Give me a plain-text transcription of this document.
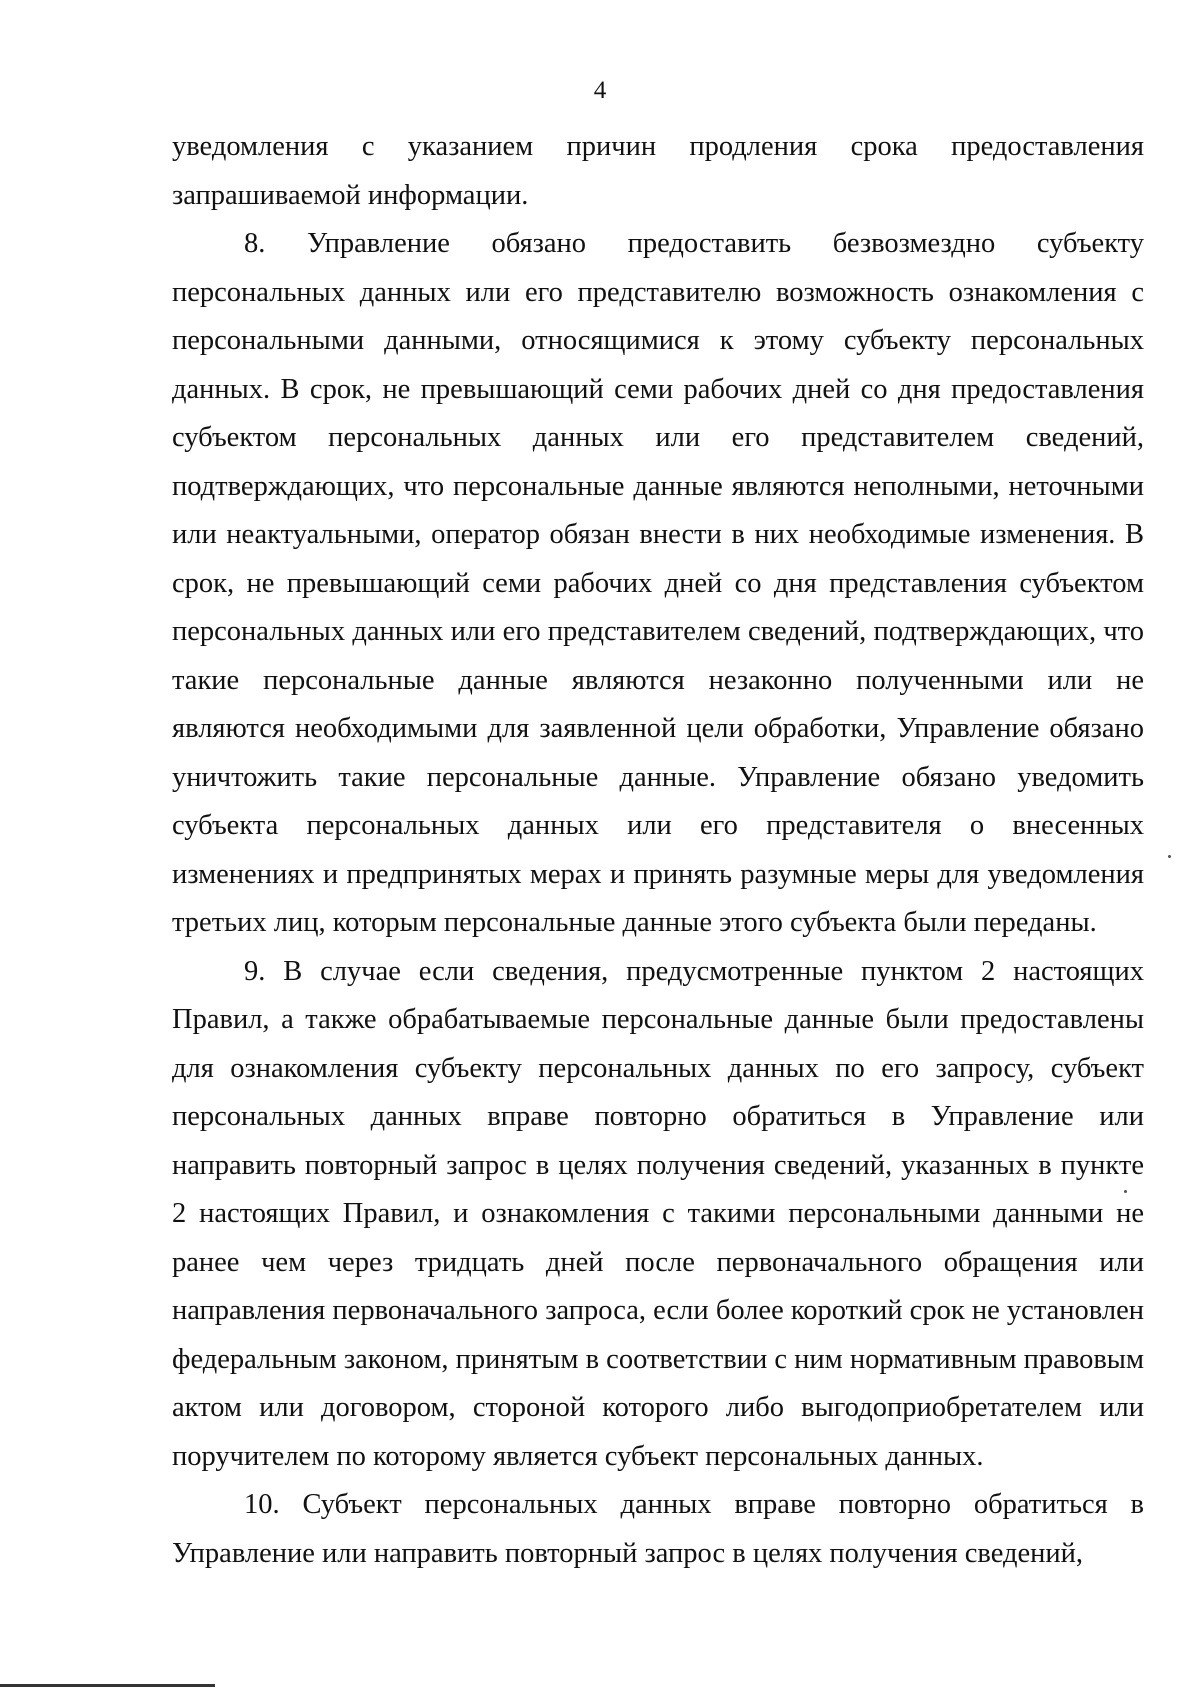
4

уведомления с указанием причин продления срока предоставления запрашиваемой информации.

8. Управление обязано предоставить безвозмездно субъекту персональных данных или его представителю возможность ознакомления с персональными данными, относящимися к этому субъекту персональных данных. В срок, не превышающий семи рабочих дней со дня предоставления субъектом персональных данных или его представителем сведений, подтверждающих, что персональные данные являются неполными, неточными или неактуальными, оператор обязан внести в них необходимые изменения. В срок, не превышающий семи рабочих дней со дня представления субъектом персональных данных или его представителем сведений, подтверждающих, что такие персональные данные являются незаконно полученными или не являются необходимыми для заявленной цели обработки, Управление обязано уничтожить такие персональные данные. Управление обязано уведомить субъекта персональных данных или его представителя о внесенных изменениях и предпринятых мерах и принять разумные меры для уведомления третьих лиц, которым персональные данные этого субъекта были переданы.

9. В случае если сведения, предусмотренные пунктом 2 настоящих Правил, а также обрабатываемые персональные данные были предоставлены для ознакомления субъекту персональных данных по его запросу, субъект персональных данных вправе повторно обратиться в Управление или направить повторный запрос в целях получения сведений, указанных в пункте 2 настоящих Правил, и ознакомления с такими персональными данными не ранее чем через тридцать дней после первоначального обращения или направления первоначального запроса, если более короткий срок не установлен федеральным законом, принятым в соответствии с ним нормативным правовым актом или договором, стороной которого либо выгодоприобретателем или поручителем по которому является субъект персональных данных.

10. Субъект персональных данных вправе повторно обратиться в Управление или направить повторный запрос в целях получения сведений,
